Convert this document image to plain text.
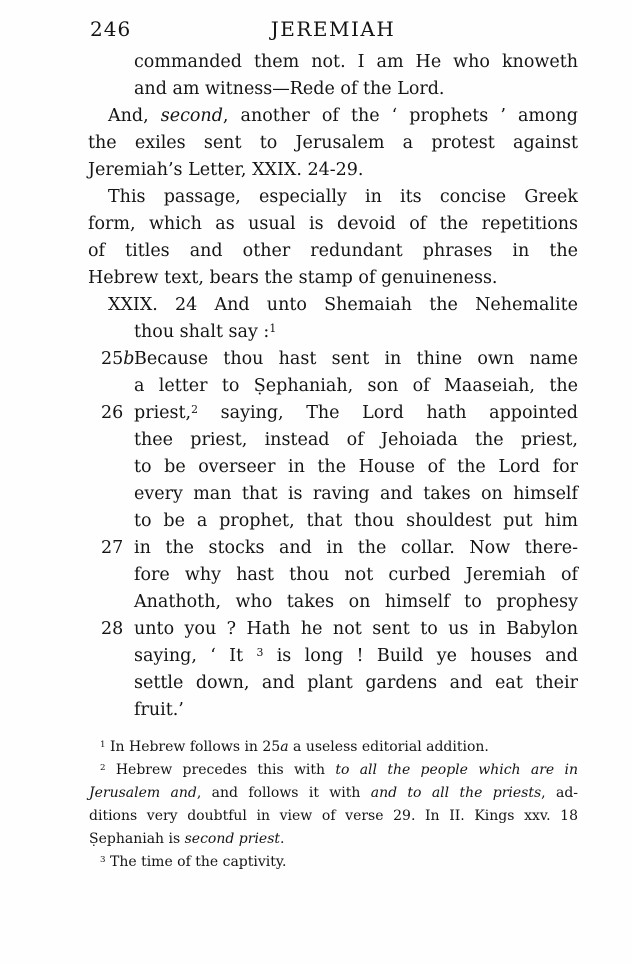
246	JEREMIAH
commanded them not. I am He who knoweth
and am witness—Rede of the Lord.
And, second, another of the ‘ prophets ’ among
the exiles sent to Jerusalem a protest against
Jeremiah’s Letter, XXIX. 24-29.
This passage, especially in its concise Greek
form, which as usual is devoid of the repetitions
of titles and other redundant phrases in the
Hebrew text, bears the stamp of genuineness.
XXIX. 24 And unto Shemaiah the Nehemalite
thou shalt say :$^1$
25b Because thou hast sent in thine own name
a letter to Ṣephaniah, son of Maaseiah, the
26 priest,$^2$ saying, The Lord hath appointed
thee priest, instead of Jehoiada the priest,
to be overseer in the House of the Lord for
every man that is raving and takes on himself
to be a prophet, that thou shouldest put him
27 in the stocks and in the collar. Now there-
fore why hast thou not curbed Jeremiah of
Anathoth, who takes on himself to prophesy
28 unto you ? Hath he not sent to us in Babylon
saying, ‘ It $^3$ is long ! Build ye houses and
settle down, and plant gardens and eat their
fruit.’
$^1$ In Hebrew follows in 25a a useless editorial addition.
$^2$ Hebrew precedes this with to all the people which are in
Jerusalem and, and follows it with and to all the priests, ad-
ditions very doubtful in view of verse 29. In II. Kings xxv. 18
Ṣephaniah is second priest.
$^3$ The time of the captivity.
